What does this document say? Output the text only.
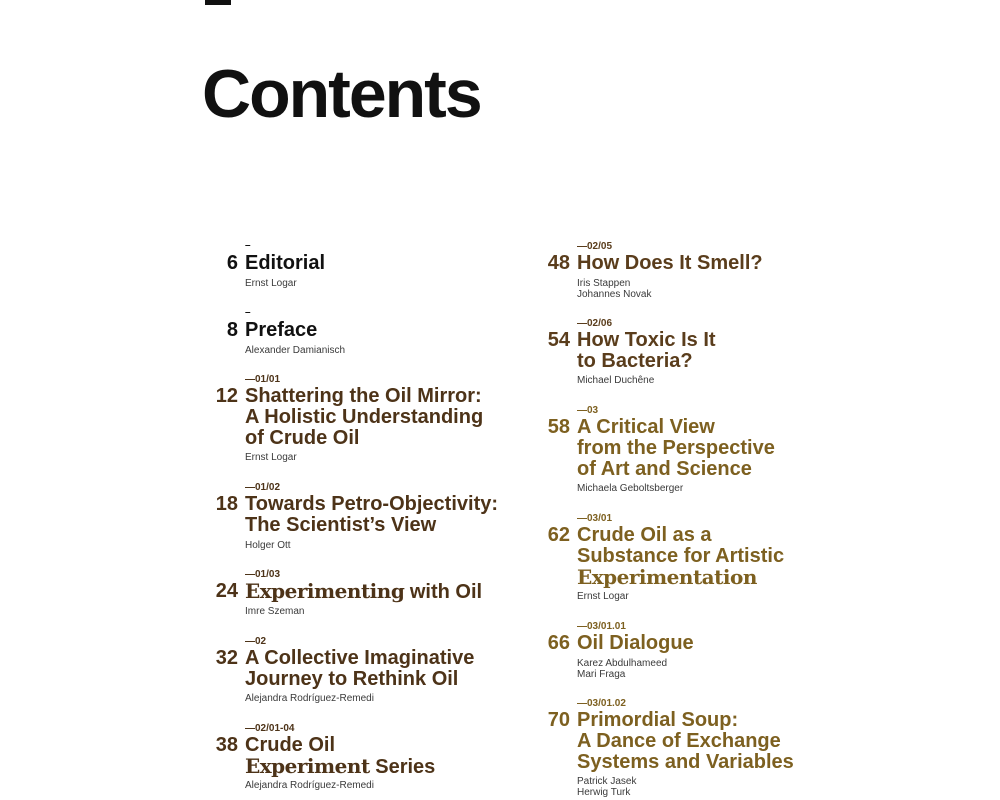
Contents
–
6 Editorial
Ernst Logar
–
8 Preface
Alexander Damianisch
—01/01
12 Shattering the Oil Mirror:
A Holistic Understanding
of Crude Oil
Ernst Logar
—01/02
18 Towards Petro-Objectivity:
The Scientist’s View
Holger Ott
—01/03
24 Experimenting with Oil
Imre Szeman
—02
32 A Collective Imaginative
Journey to Rethink Oil
Alejandra Rodríguez-Remedi
—02/01-04
38 Crude Oil
Experiment Series
Alejandra Rodríguez-Remedi
—02/05
48 How Does It Smell?
Iris Stappen
Johannes Novak
—02/06
54 How Toxic Is It
to Bacteria?
Michael Duchêne
—03
58 A Critical View
from the Perspective
of Art and Science
Michaela Geboltsberger
—03/01
62 Crude Oil as a
Substance for Artistic
Experimentation
Ernst Logar
—03/01.01
66 Oil Dialogue
Karez Abdulhameed
Mari Fraga
—03/01.02
70 Primordial Soup:
A Dance of Exchange
Systems and Variables
Patrick Jasek
Herwig Turk
